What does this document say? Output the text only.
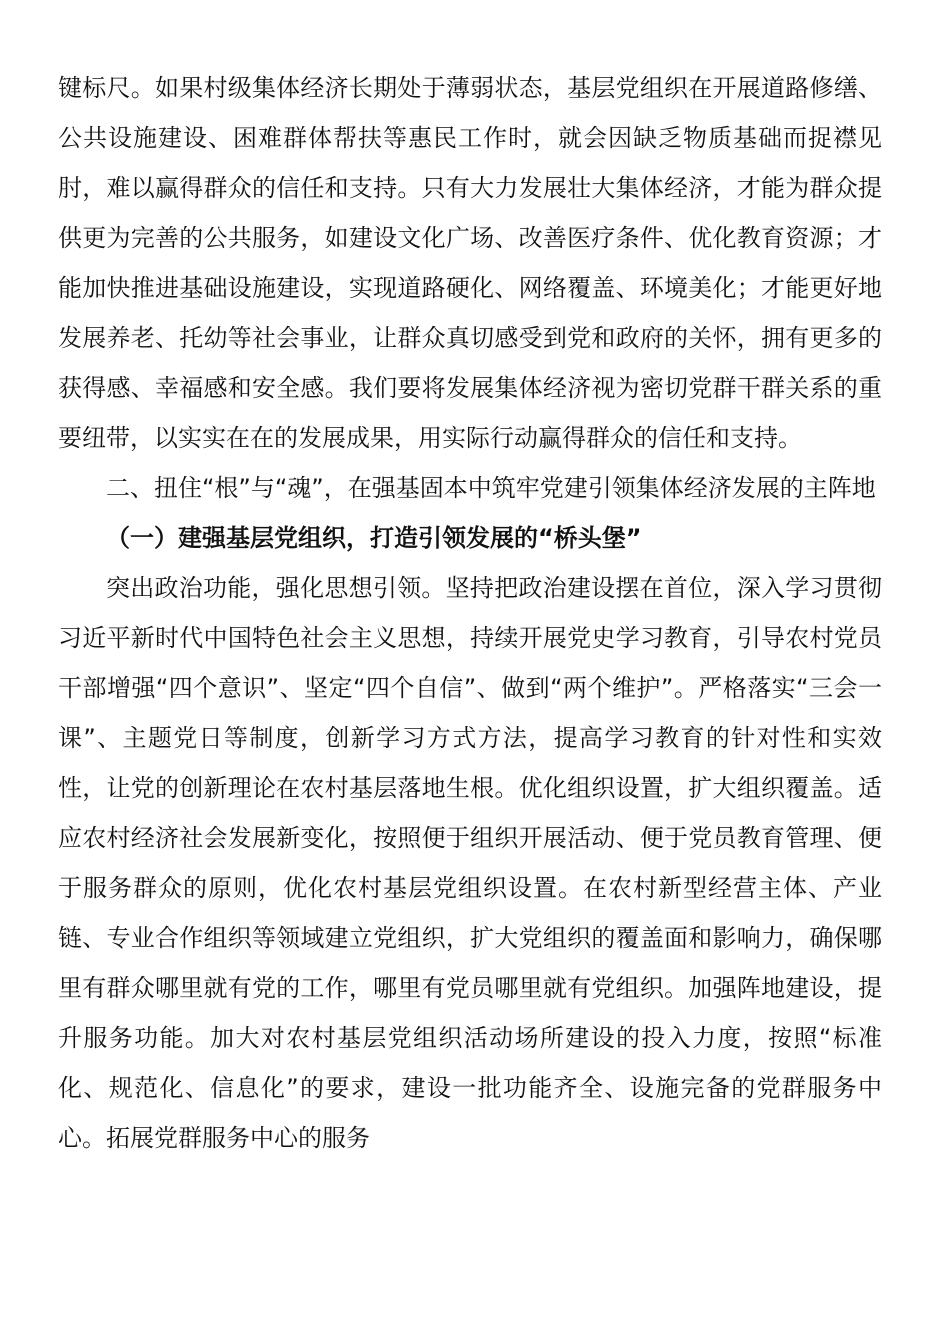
键标尺。如果村级集体经济长期处于薄弱状态，基层党组织在开展道路修缮、公共设施建设、困难群体帮扶等惠民工作时，就会因缺乏物质基础而捉襟见肘，难以赢得群众的信任和支持。只有大力发展壮大集体经济，才能为群众提供更为完善的公共服务，如建设文化广场、改善医疗条件、优化教育资源；才能加快推进基础设施建设，实现道路硬化、网络覆盖、环境美化；才能更好地发展养老、托幼等社会事业，让群众真切感受到党和政府的关怀，拥有更多的获得感、幸福感和安全感。我们要将发展集体经济视为密切党群干群关系的重要纽带，以实实在在的发展成果，用实际行动赢得群众的信任和支持。

二、扭住“根”与“魂”，在强基固本中筑牢党建引领集体经济发展的主阵地

（一）建强基层党组织，打造引领发展的“桥头堡”

突出政治功能，强化思想引领。坚持把政治建设摆在首位，深入学习贯彻习近平新时代中国特色社会主义思想，持续开展党史学习教育，引导农村党员干部增强“四个意识”、坚定“四个自信”、做到“两个维护”。严格落实“三会一课”、主题党日等制度，创新学习方式方法，提高学习教育的针对性和实效性，让党的创新理论在农村基层落地生根。优化组织设置，扩大组织覆盖。适应农村经济社会发展新变化，按照便于组织开展活动、便于党员教育管理、便于服务群众的原则，优化农村基层党组织设置。在农村新型经营主体、产业链、专业合作组织等领域建立党组织，扩大党组织的覆盖面和影响力，确保哪里有群众哪里就有党的工作，哪里有党员哪里就有党组织。加强阵地建设，提升服务功能。加大对农村基层党组织活动场所建设的投入力度，按照“标准化、规范化、信息化”的要求，建设一批功能齐全、设施完备的党群服务中心。拓展党群服务中心的服务
